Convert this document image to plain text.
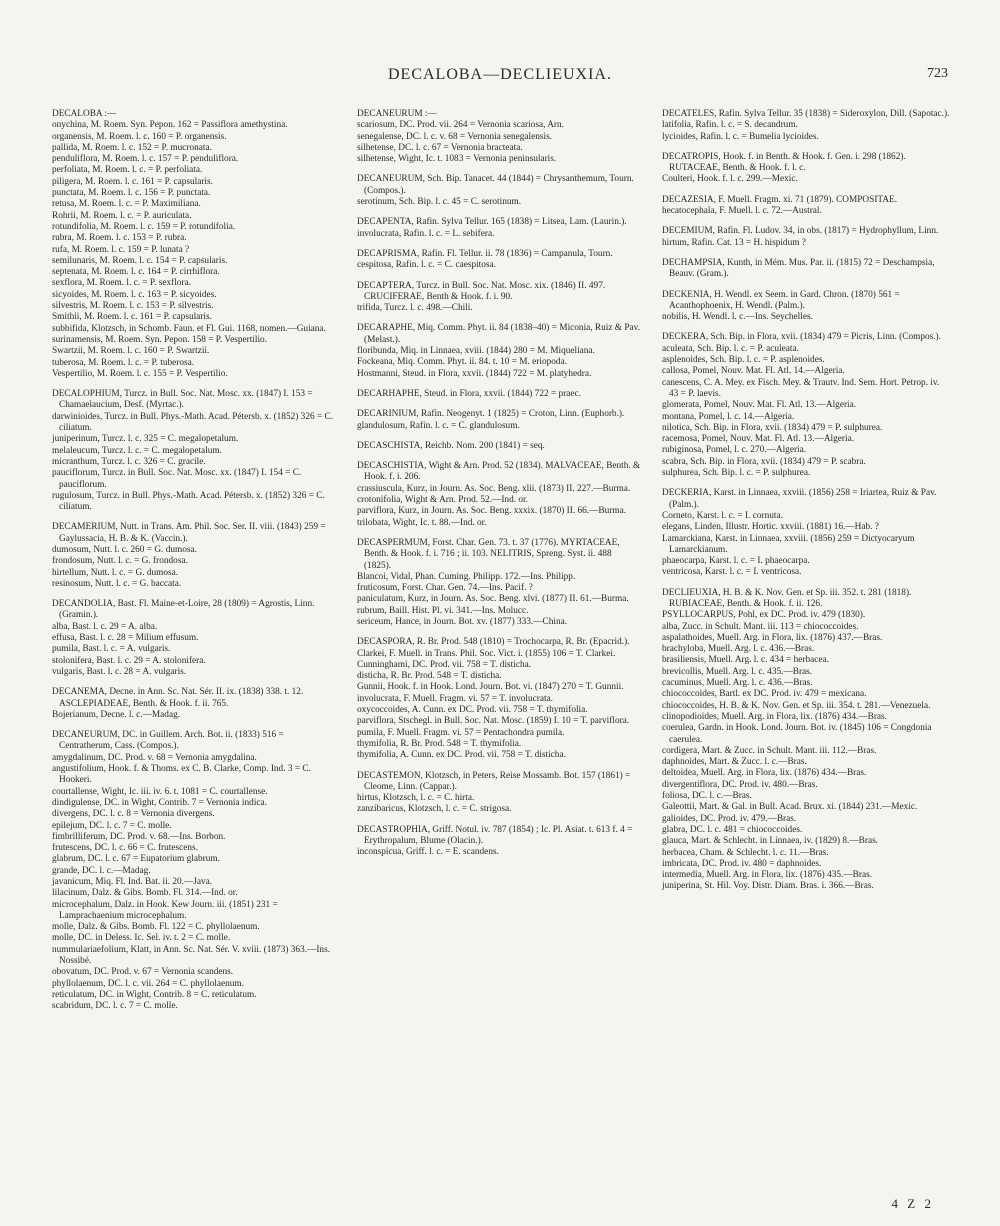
DECALOBA—DECLIEUXIA.	723
DECALOBA :—
onychina, M. Roem. Syn. Pepon. 162 = Passiflora amethystina.
organensis, M. Roem. l. c. 160 = P. organensis.
pallida, M. Roem. l. c. 152 = P. mucronata.
penduliflora, M. Roem. l. c. 157 = P. penduliflora.
perfoliata, M. Roem. l. c. = P. perfoliata.
piligera, M. Roem. l. c. 161 = P. capsularis.
punctata, M. Roem. l. c. 156 = P. punctata.
retusa, M. Roem. l. c. = P. Maximiliana.
Rohrii, M. Roem. l. c. = P. auriculata.
rotundifolia, M. Roem. l. c. 159 = P. rotundifolia.
rubra, M. Roem. l. c. 153 = P. rubra.
rufa, M. Roem. l. c. 159 = P. lunata ?
semilunaris, M. Roem. l. c. 154 = P. capsularis.
septenata, M. Roem. l. c. 164 = P. cirrhiflora.
sexflora, M. Roem. l. c. = P. sexflora.
sicyoides, M. Roem. l. c. 163 = P. sicyoides.
silvestris, M. Roem. l. c. 153 = P. silvestris.
Smithii, M. Roem. l. c. 161 = P. capsularis.
subbifida, Klotzsch, in Schomb. Faun. et Fl. Gui. 1168, nomen.—Guiana.
surinamensis, M. Roem. Syn. Pepon. 158 = P. Vespertilio.
Swartzii, M. Roem. l. c. 160 = P. Swartzii.
tuberosa, M. Roem. l. c. = P. tuberosa.
Vespertilio, M. Roem. l. c. 155 = P. Vespertilio.
DECALOPHIUM, Turcz. in Bull. Soc. Nat. Mosc. xx. (1847) I. 153 = Chamaelaucium, Desf. (Myrtac.).
darwinioides, Turcz. in Bull. Phys.-Math. Acad. Pétersb. x. (1852) 326 = C. ciliatum.
juniperinum, Turcz. l. c. 325 = C. megalopetalum.
melaleucum, Turcz. l. c. = C. megalopetalum.
micranthum, Turcz. l. c. 326 = C. gracile.
pauciflorum, Turcz. in Bull. Soc. Nat. Mosc. xx. (1847) I. 154 = C. pauciflorum.
rugulosum, Turcz. in Bull. Phys.-Math. Acad. Pétersb. x. (1852) 326 = C. ciliatum.
DECAMERIUM, Nutt. in Trans. Am. Phil. Soc. Ser. II. viii. (1843) 259 = Gaylussacia, H. B. & K. (Vaccin.).
dumosum, Nutt. l. c. 260 = G. dumosa.
frondosum, Nutt. l. c. = G. frondosa.
hirtellum, Nutt. l. c. = G. dumosa.
resinosum, Nutt. l. c. = G. baccata.
DECANDOLIA, Bast. Fl. Maine-et-Loire, 28 (1809) = Agrostis, Linn. (Gramin.).
alba, Bast. l. c. 29 = A. alba.
effusa, Bast. l. c. 28 = Milium effusum.
pumila, Bast. l. c. = A. vulgaris.
stolonifera, Bast. l. c. 29 = A. stolonifera.
vulgaris, Bast. l. c. 28 = A. vulgaris.
DECANEMA, Decne. in Ann. Sc. Nat. Sér. II. ix. (1838) 338. t. 12. ASCLEPIADEAE, Benth. & Hook. f. ii. 765.
Bojerianum, Decne. l. c.—Madag.
DECANEURUM, DC. in Guillem. Arch. Bot. ii. (1833) 516 = Centratherum, Cass. (Compos.).
amygdalinum, DC. Prod. v. 68 = Vernonia amygdalina.
angustifolium, Hook. f. & Thoms. ex C. B. Clarke, Comp. Ind. 3 = C. Hookeri.
courtallense, Wight, Ic. iii. iv. 6. t. 1081 = C. courtallense.
dindigulense, DC. in Wight, Contrib. 7 = Vernonia indica.
divergens, DC. l. c. 8 = Vernonia divergens.
epilejum, DC. l. c. 7 = C. molle.
fimbrilliferum, DC. Prod. v. 68.—Ins. Borbon.
frutescens, DC. l. c. 66 = C. frutescens.
glabrum, DC. l. c. 67 = Eupatorium glabrum.
grande, DC. l. c.—Madag.
javanicum, Miq. Fl. Ind. Bat. ii. 20.—Java.
lilacinum, Dalz. & Gibs. Bomb. Fl. 314.—Ind. or.
microcephalum, Dalz. in Hook. Kew Journ. iii. (1851) 231 = Lamprachaenium microcephalum.
molle, Dalz. & Gibs. Bomb. Fl. 122 = C. phyllolaenum.
molle, DC. in Deless. Ic. Sel. iv. t. 2 = C. molle.
nummulariaefolium, Klatt, in Ann. Sc. Nat. Sér. V. xviii. (1873) 363.—Ins. Nossibé.
obovatum, DC. Prod. v. 67 = Vernonia scandens.
phyllolaenum, DC. l. c. vii. 264 = C. phyllolaenum.
reticulatum, DC. in Wight, Contrib. 8 = C. reticulatum.
scabridum, DC. l. c. 7 = C. molle.
DECANEURUM :—
scariosum, DC. Prod. vii. 264 = Vernonia scariosa, Arn.
senegalense, DC. l. c. v. 68 = Vernonia senegalensis.
silhetense, DC. l. c. 67 = Vernonia bracteata.
silhetense, Wight, Ic. t. 1083 = Vernonia peninsularis.
DECANEURUM, Sch. Bip. Tanacet. 44 (1844) = Chrysanthemum, Tourn. (Compos.).
serotinum, Sch. Bip. l. c. 45 = C. serotinum.
DECAPENTA, Rafin. Sylva Tellur. 165 (1838) = Litsea, Lam. (Laurin.).
involucrata, Rafin. l. c. = L. sebifera.
DECAPRISMA, Rafin. Fl. Tellur. ii. 78 (1836) = Campanula, Tourn.
cespitosa, Rafin. l. c. = C. caespitosa.
DECAPTERA, Turcz. in Bull. Soc. Nat. Mosc. xix. (1846) II. 497. CRUCIFERAE, Benth & Hook. f. i. 90.
trifida, Turcz. l. c. 498.—Chili.
DECARAPHE, Miq. Comm. Phyt. ii. 84 (1838–40) = Miconia, Ruiz & Pav. (Melast.).
floribunda, Miq. in Linnaea, xviii. (1844) 280 = M. Miqueliana.
Fockeana, Miq. Comm. Phyt. ii. 84. t. 10 = M. eriopoda.
Hostmanni, Steud. in Flora, xxvii. (1844) 722 = M. platyhedra.
DECARHAPHE, Steud. in Flora, xxvii. (1844) 722 = praec.
DECARINIUM, Rafin. Neogenyt. 1 (1825) = Croton, Linn. (Euphorb.).
glandulosum, Rafin. l. c. = C. glandulosum.
DECASCHISTA, Reichb. Nom. 200 (1841) = seq.
DECASCHISTIA, Wight & Arn. Prod. 52 (1834). MALVACEAE, Benth. & Hook. f. i. 206.
crassiuscula, Kurz, in Journ. As. Soc. Beng. xlii. (1873) II. 227.—Burma.
crotonifolia, Wight & Arn. Prod. 52.—Ind. or.
parviflora, Kurz, in Journ. As. Soc. Beng. xxxix. (1870) II. 66.—Burma.
trilobata, Wight, Ic. t. 88.—Ind. or.
DECASPERMUM, Forst. Char. Gen. 73. t. 37 (1776). MYRTACEAE, Benth. & Hook. f. i. 716 ; ii. 103. NELITRIS, Spreng. Syst. ii. 488 (1825).
Blancoi, Vidal, Phan. Cuming. Philipp. 172.—Ins. Philipp.
fruticosum, Forst. Char. Gen. 74.—Ins. Pacif. ?
paniculatum, Kurz, in Journ. As. Soc. Beng. xlvi. (1877) II. 61.—Burma.
rubrum, Baill. Hist. Pl. vi. 341.—Ins. Molucc.
sericeum, Hance, in Journ. Bot. xv. (1877) 333.—China.
DECASPORA, R. Br. Prod. 548 (1810) = Trochocarpa, R. Br. (Epacrid.).
Clarkei, F. Muell. in Trans. Phil. Soc. Vict. i. (1855) 106 = T. Clarkei.
Cunninghami, DC. Prod. vii. 758 = T. disticha.
disticha, R. Br. Prod. 548 = T. disticha.
Gunnii, Hook. f. in Hook. Lond. Journ. Bot. vi. (1847) 270 = T. Gunnii.
involucrata, F. Muell. Fragm. vi. 57 = T. involucrata.
oxycoccoides, A. Cunn. ex DC. Prod. vii. 758 = T. thymifolia.
parviflora, Stschegl. in Bull. Soc. Nat. Mosc. (1859) I. 10 = T. parviflora.
pumila, F. Muell. Fragm. vi. 57 = Pentachondra pumila.
thymifolia, R. Br. Prod. 548 = T. thymifolia.
thymifolia, A. Cunn. ex DC. Prod. vii. 758 = T. disticha.
DECASTEMON, Klotzsch, in Peters, Reise Mossamb. Bot. 157 (1861) = Cleome, Linn. (Cappar.).
hirtus, Klotzsch, l. c. = C. hirta.
zanzibaricus, Klotzsch, l. c. = C. strigosa.
DECASTROPHIA, Griff. Notul. iv. 787 (1854) ; Ic. Pl. Asiat. t. 613 f. 4 = Erythropalum, Blume (Olacin.).
inconspicua, Griff. l. c. = E. scandens.
DECATELES, Rafin. Sylva Tellur. 35 (1838) = Sideroxylon, Dill. (Sapotac.).
latifolia, Rafin. l. c. = S. decandrum.
lycioides, Rafin. l. c. = Bumelia lycioides.
DECATROPIS, Hook. f. in Benth. & Hook. f. Gen. i. 298 (1862). RUTACEAE, Benth. & Hook. f. l. c.
Coulteri, Hook. f. l. c. 299.—Mexic.
DECAZESIA, F. Muell. Fragm. xi. 71 (1879). COMPOSITAE.
hecatocephala, F. Muell. l. c. 72.—Austral.
DECEMIUM, Rafin. Fl. Ludov. 34, in obs. (1817) = Hydrophyllum, Linn.
hirtum, Rafin. Cat. 13 = H. hispidum ?
DECHAMPSIA, Kunth, in Mém. Mus. Par. ii. (1815) 72 = Deschampsia, Beauv. (Gram.).
DECKENIA, H. Wendl. ex Seem. in Gard. Chron. (1870) 561 = Acanthophoenix, H. Wendl. (Palm.).
nobilis, H. Wendl. l. c.—Ins. Seychelles.
DECKERA, Sch. Bip. in Flora, xvii. (1834) 479 = Picris, Linn. (Compos.).
aculeata, Sch. Bip. l. c. = P. aculeata.
asplenoides, Sch. Bip. l. c. = P. asplenoides.
callosa, Pomel, Nouv. Mat. Fl. Atl. 14.—Algeria.
canescens, C. A. Mey. ex Fisch. Mey. & Trautv. Ind. Sem. Hort. Petrop. iv. 43 = P. laevis.
glomerata, Pomel, Nouv. Mat. Fl. Atl. 13.—Algeria.
montana, Pomel, l. c. 14.—Algeria.
nilotica, Sch. Bip. in Flora, xvii. (1834) 479 = P. sulphurea.
racemosa, Pomel, Nouv. Mat. Fl. Atl. 13.—Algeria.
rubiginosa, Pomel, l. c. 270.—Algeria.
scabra, Sch. Bip. in Flora, xvii. (1834) 479 = P. scabra.
sulphurea, Sch. Bip. l. c. = P. sulphurea.
DECKERIA, Karst. in Linnaea, xxviii. (1856) 258 = Iriartea, Ruiz & Pav. (Palm.).
Corneto, Karst. l. c. = I. cornuta.
elegans, Linden, Illustr. Hortic. xxviii. (1881) 16.—Hab. ?
Lamarckiana, Karst. in Linnaea, xxviii. (1856) 259 = Dictyocaryum Lamarckianum.
phaeocarpa, Karst. l. c. = I. phaeocarpa.
ventricosa, Karst. l. c. = I. ventricosa.
DECLIEUXIA, H. B. & K. Nov. Gen. et Sp. iii. 352. t. 281 (1818). RUBIACEAE, Benth. & Hook. f. ii. 126.
PSYLLOCARPUS, Pohl, ex DC. Prod. iv. 479 (1830).
alba, Zucc. in Schult. Mant. iii. 113 = chiococcoides.
aspalathoides, Muell. Arg. in Flora, lix. (1876) 437.—Bras.
brachyloba, Muell. Arg. l. c. 436.—Bras.
brasiliensis, Muell. Arg. l. c. 434 = herbacea.
brevicollis, Muell. Arg. l. c. 435.—Bras.
cacuminus, Muell. Arg. l. c. 436.—Bras.
chiococcoides, Bartl. ex DC. Prod. iv. 479 = mexicana.
chiococcoides, H. B. & K. Nov. Gen. et Sp. iii. 354. t. 281.—Venezuela.
clinopodioides, Muell. Arg. in Flora, lix. (1876) 434.—Bras.
coerulea, Gardn. in Hook. Lond. Journ. Bot. iv. (1845) 106 = Congdonia caerulea.
cordigera, Mart. & Zucc. in Schult. Mant. iii. 112.—Bras.
daphnoides, Mart. & Zucc. l. c.—Bras.
deltoidea, Muell. Arg. in Flora, lix. (1876) 434.—Bras.
divergentiflora, DC. Prod. iv. 480.—Bras.
foliosa, DC. l. c.—Bras.
Galeottii, Mart. & Gal. in Bull. Acad. Brux. xi. (1844) 231.—Mexic.
galioides, DC. Prod. iv. 479.—Bras.
glabra, DC. l. c. 481 = chiococcoides.
glauca, Mart. & Schlecht. in Linnaea, iv. (1829) 8.—Bras.
herbacea, Cham. & Schlecht. l. c. 11.—Bras.
imbricata, DC. Prod. iv. 480 = daphnoides.
intermedia, Muell. Arg. in Flora, lix. (1876) 435.—Bras.
juniperina, St. Hil. Voy. Distr. Diam. Bras. i. 366.—Bras.
4 Z 2
